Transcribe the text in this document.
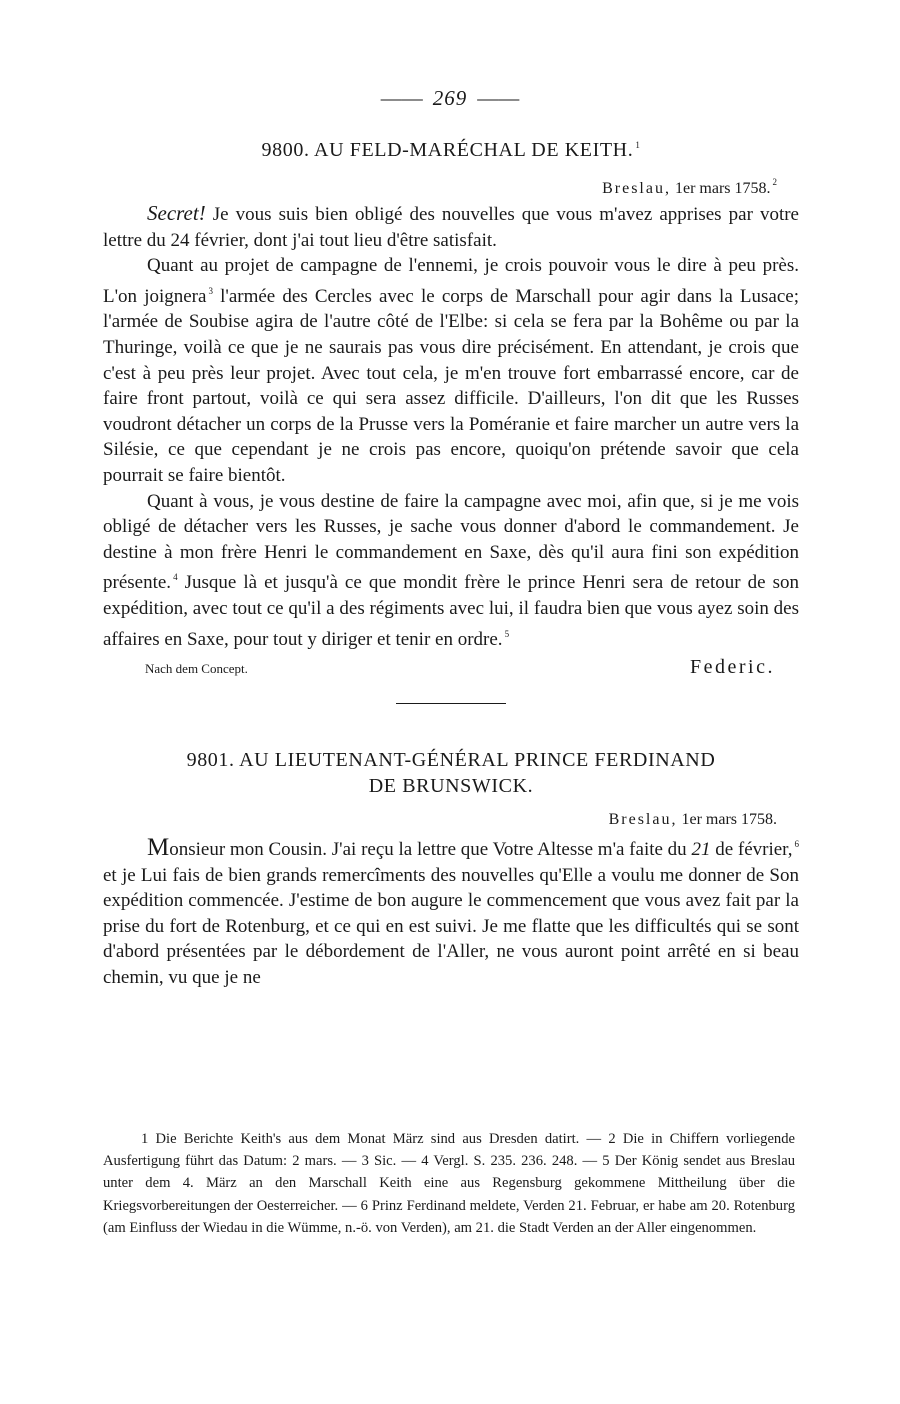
—— 269 ——
9800. AU FELD-MARÉCHAL DE KEITH. $^1$
Breslau, 1er mars 1758. $^2$

Secret! Je vous suis bien obligé des nouvelles que vous m'avez apprises par votre lettre du 24 février, dont j'ai tout lieu d'être satisfait.

Quant au projet de campagne de l'ennemi, je crois pouvoir vous le dire à peu près. L'on joignera $^3$ l'armée des Cercles avec le corps de Marschall pour agir dans la Lusace; l'armée de Soubise agira de l'autre côté de l'Elbe: si cela se fera par la Bohême ou par la Thuringe, voilà ce que je ne saurais pas vous dire précisément. En attendant, je crois que c'est à peu près leur projet. Avec tout cela, je m'en trouve fort embarrassé encore, car de faire front partout, voilà ce qui sera assez difficile. D'ailleurs, l'on dit que les Russes voudront détacher un corps de la Prusse vers la Poméranie et faire marcher un autre vers la Silésie, ce que cependant je ne crois pas encore, quoiqu'on prétende savoir que cela pourrait se faire bientôt.

Quant à vous, je vous destine de faire la campagne avec moi, afin que, si je me vois obligé de détacher vers les Russes, je sache vous donner d'abord le commandement. Je destine à mon frère Henri le commandement en Saxe, dès qu'il aura fini son expédition présente. $^4$ Jusque là et jusqu'à ce que mondit frère le prince Henri sera de retour de son expédition, avec tout ce qu'il a des régiments avec lui, il faudra bien que vous ayez soin des affaires en Saxe, pour tout y diriger et tenir en ordre. $^5$

Nach dem Concept.	Federic.
9801. AU LIEUTENANT-GÉNÉRAL PRINCE FERDINAND
DE BRUNSWICK.
Breslau, 1er mars 1758.

Monsieur mon Cousin. J'ai reçu la lettre que Votre Altesse m'a faite du 21 de février, $^6$ et je Lui fais de bien grands remercîments des nouvelles qu'Elle a voulu me donner de Son expédition commencée. J'estime de bon augure le commencement que vous avez fait par la prise du fort de Rotenburg, et ce qui en est suivi. Je me flatte que les difficultés qui se sont d'abord présentées par le débordement de l'Aller, ne vous auront point arrêté en si beau chemin, vu que je ne

1 Die Berichte Keith's aus dem Monat März sind aus Dresden datirt. — 2 Die in Chiffern vorliegende Ausfertigung führt das Datum: 2 mars. — 3 Sic. — 4 Vergl. S. 235. 236. 248. — 5 Der König sendet aus Breslau unter dem 4. März an den Marschall Keith eine aus Regensburg gekommene Mittheilung über die Kriegsvorbereitungen der Oesterreicher. — 6 Prinz Ferdinand meldete, Verden 21. Februar, er habe am 20. Rotenburg (am Einfluss der Wiedau in die Wümme, n.-ö. von Verden), am 21. die Stadt Verden an der Aller eingenommen.
